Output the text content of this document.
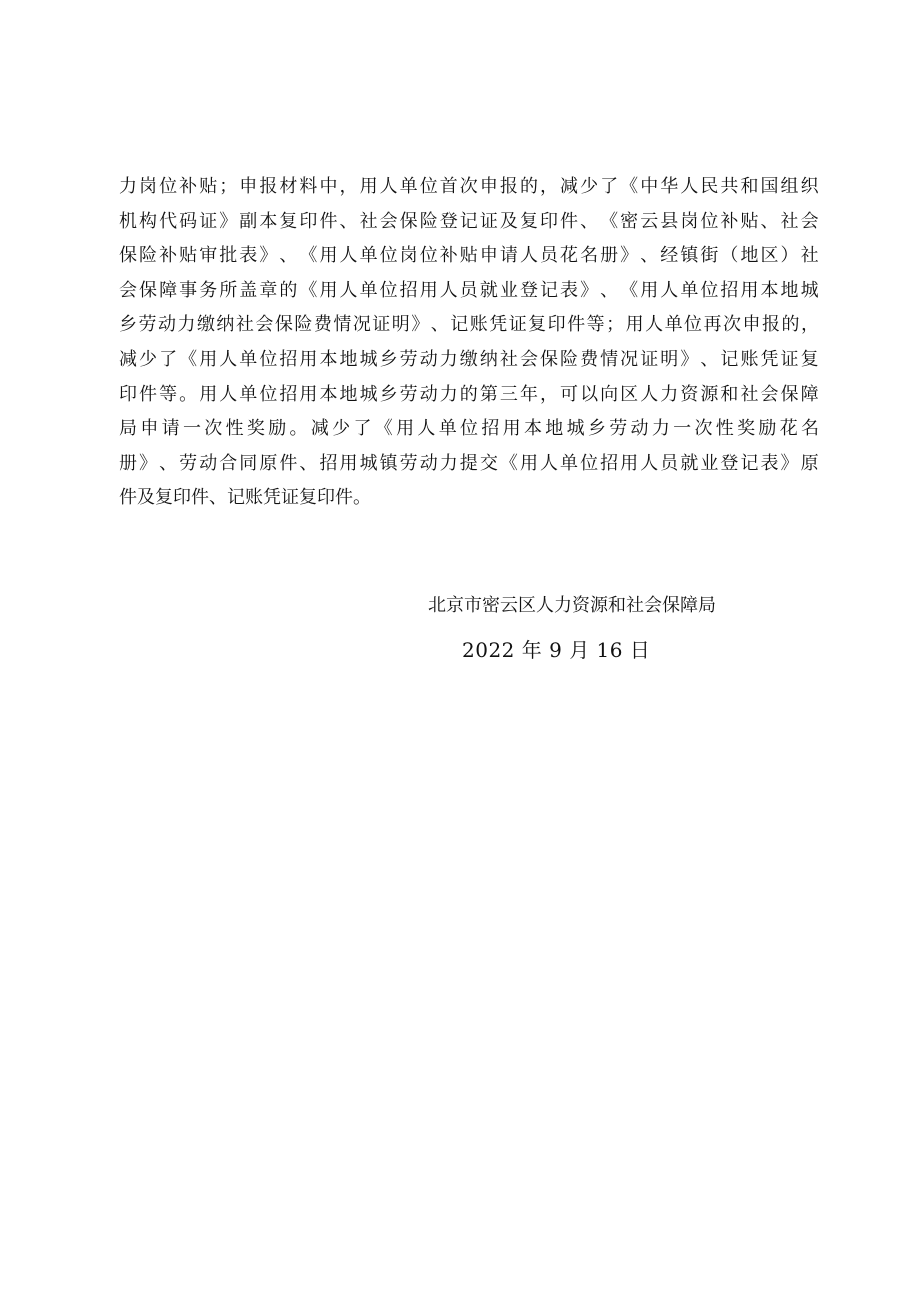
力 岗 位 补 贴 ； 申 报 材 料 中 ， 用 人 单 位 首 次 申 报 的 ， 减 少 了 《 中 华 人 民 共 和 国 组 织
机 构 代 码 证 》 副 本 复 印 件 、 社 会 保 险 登 记 证 及 复 印 件 、 《 密 云 县 岗 位 补 贴 、 社 会
保 险 补 贴 审 批 表 》 、 《 用 人 单 位 岗 位 补 贴 申 请 人 员 花 名 册 》 、 经 镇 街 （ 地 区 ） 社
会 保 障 事 务 所 盖 章 的 《 用 人 单 位 招 用 人 员 就 业 登 记 表 》 、 《 用 人 单 位 招 用 本 地 城
乡 劳 动 力 缴 纳 社 会 保 险 费 情 况 证 明 》 、 记 账 凭 证 复 印 件 等 ； 用 人 单 位 再 次 申 报 的 ，
减 少 了 《 用 人 单 位 招 用 本 地 城 乡 劳 动 力 缴 纳 社 会 保 险 费 情 况 证 明 》 、 记 账 凭 证 复
印 件 等 。 用 人 单 位 招 用 本 地 城 乡 劳 动 力 的 第 三 年 ， 可 以 向 区 人 力 资 源 和 社 会 保 障
局 申 请 一 次 性 奖 励 。 减 少 了 《 用 人 单 位 招 用 本 地 城 乡 劳 动 力 一 次 性 奖 励 花 名
册 》 、 劳 动 合 同 原 件 、 招 用 城 镇 劳 动 力 提 交 《 用 人 单 位 招 用 人 员 就 业 登 记 表 》 原
件及复印件、记账凭证复印件。
北京市密云区人力资源和社会保障局
2022 年 9 月 16 日
